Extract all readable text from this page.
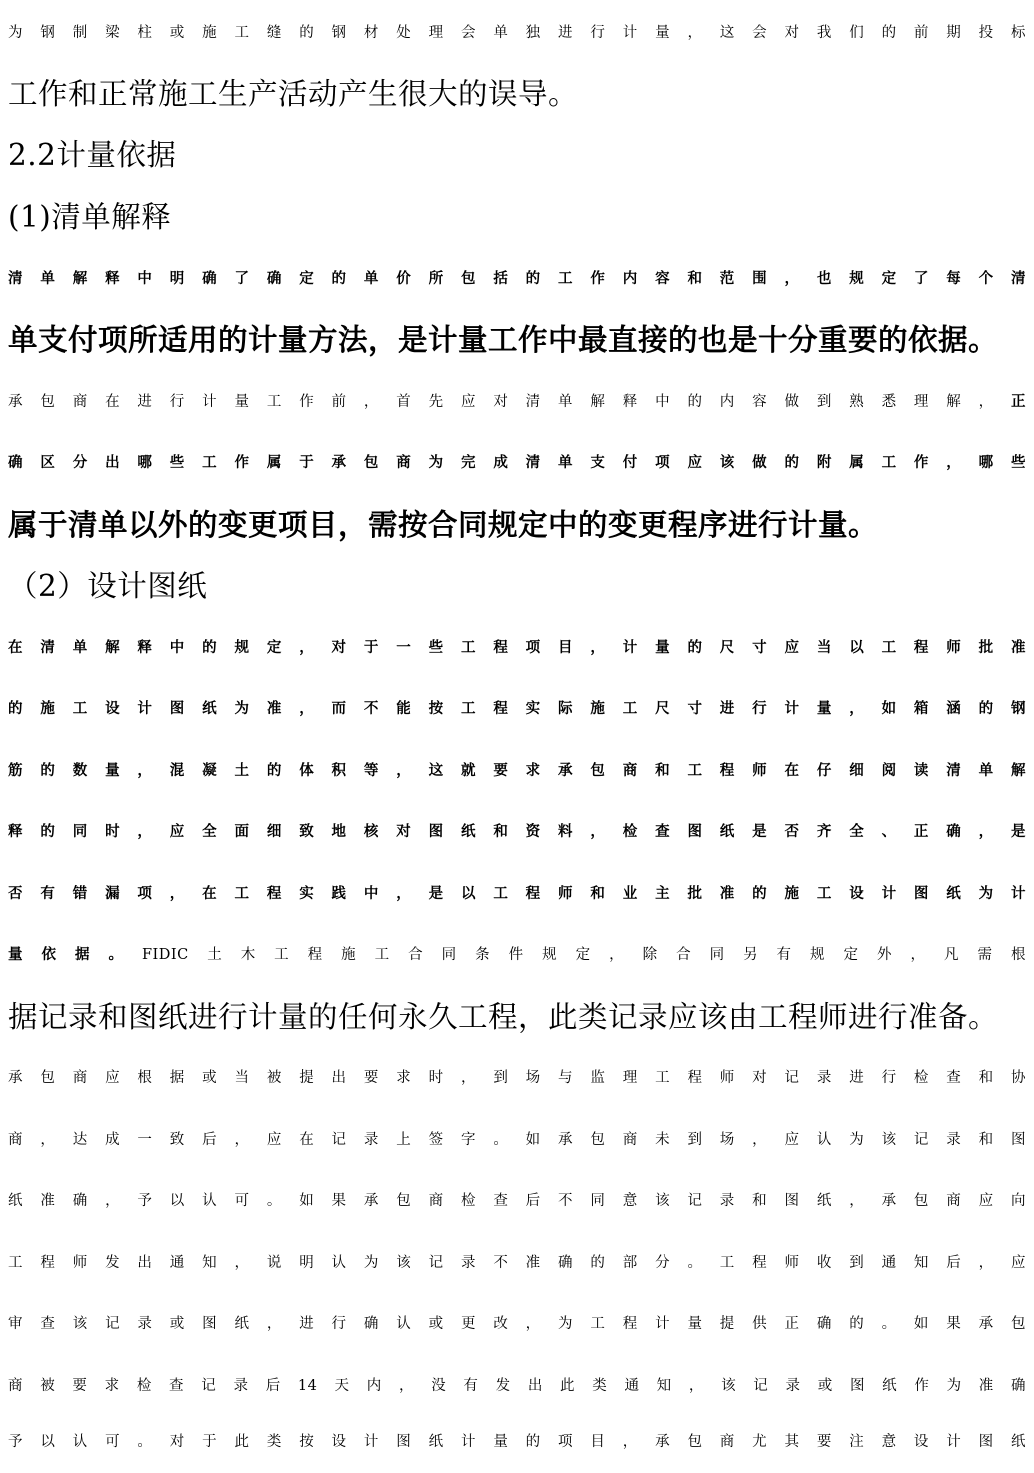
为钢制梁柱或施工缝的钢材处理会单独进行计量，这会对我们的前期投标
工作和正常施工生产活动产生很大的误导。
2.2计量依据
(1)清单解释
清单解释中明确了确定的单价所包括的工作内容和范围，也规定了每个清
单支付项所适用的计量方法，是计量工作中最直接的也是十分重要的依据。
承包商在进行计量工作前，首先应对清单解释中的内容做到熟悉理解，正
确区分出哪些工作属于承包商为完成清单支付项应该做的附属工作，哪些
属于清单以外的变更项目，需按合同规定中的变更程序进行计量。
（2）设计图纸
在清单解释中的规定，对于一些工程项目，计量的尺寸应当以工程师批准
的施工设计图纸为准，而不能按工程实际施工尺寸进行计量，如箱涵的钢
筋的数量，混凝土的体积等，这就要求承包商和工程师在仔细阅读清单解
释的同时，应全面细致地核对图纸和资料，检查图纸是否齐全、正确，是
否有错漏项，在工程实践中，是以工程师和业主批准的施工设计图纸为计
量依据。FIDIC土木工程施工合同条件规定，除合同另有规定外，凡需根
据记录和图纸进行计量的任何永久工程，此类记录应该由工程师进行准备。
承包商应根据或当被提出要求时，到场与监理工程师对记录进行检查和协
商，达成一致后，应在记录上签字。如承包商未到场，应认为该记录和图
纸准确，予以认可。如果承包商检查后不同意该记录和图纸，承包商应向
工程师发出通知，说明认为该记录不准确的部分。工程师收到通知后，应
审查该记录或图纸，进行确认或更改，为工程计量提供正确的。如果承包
商被要求检查记录后14天内，没有发出此类通知，该记录或图纸作为准确
予以认可。对于此类按设计图纸计量的项目，承包商尤其要注意设计图纸
